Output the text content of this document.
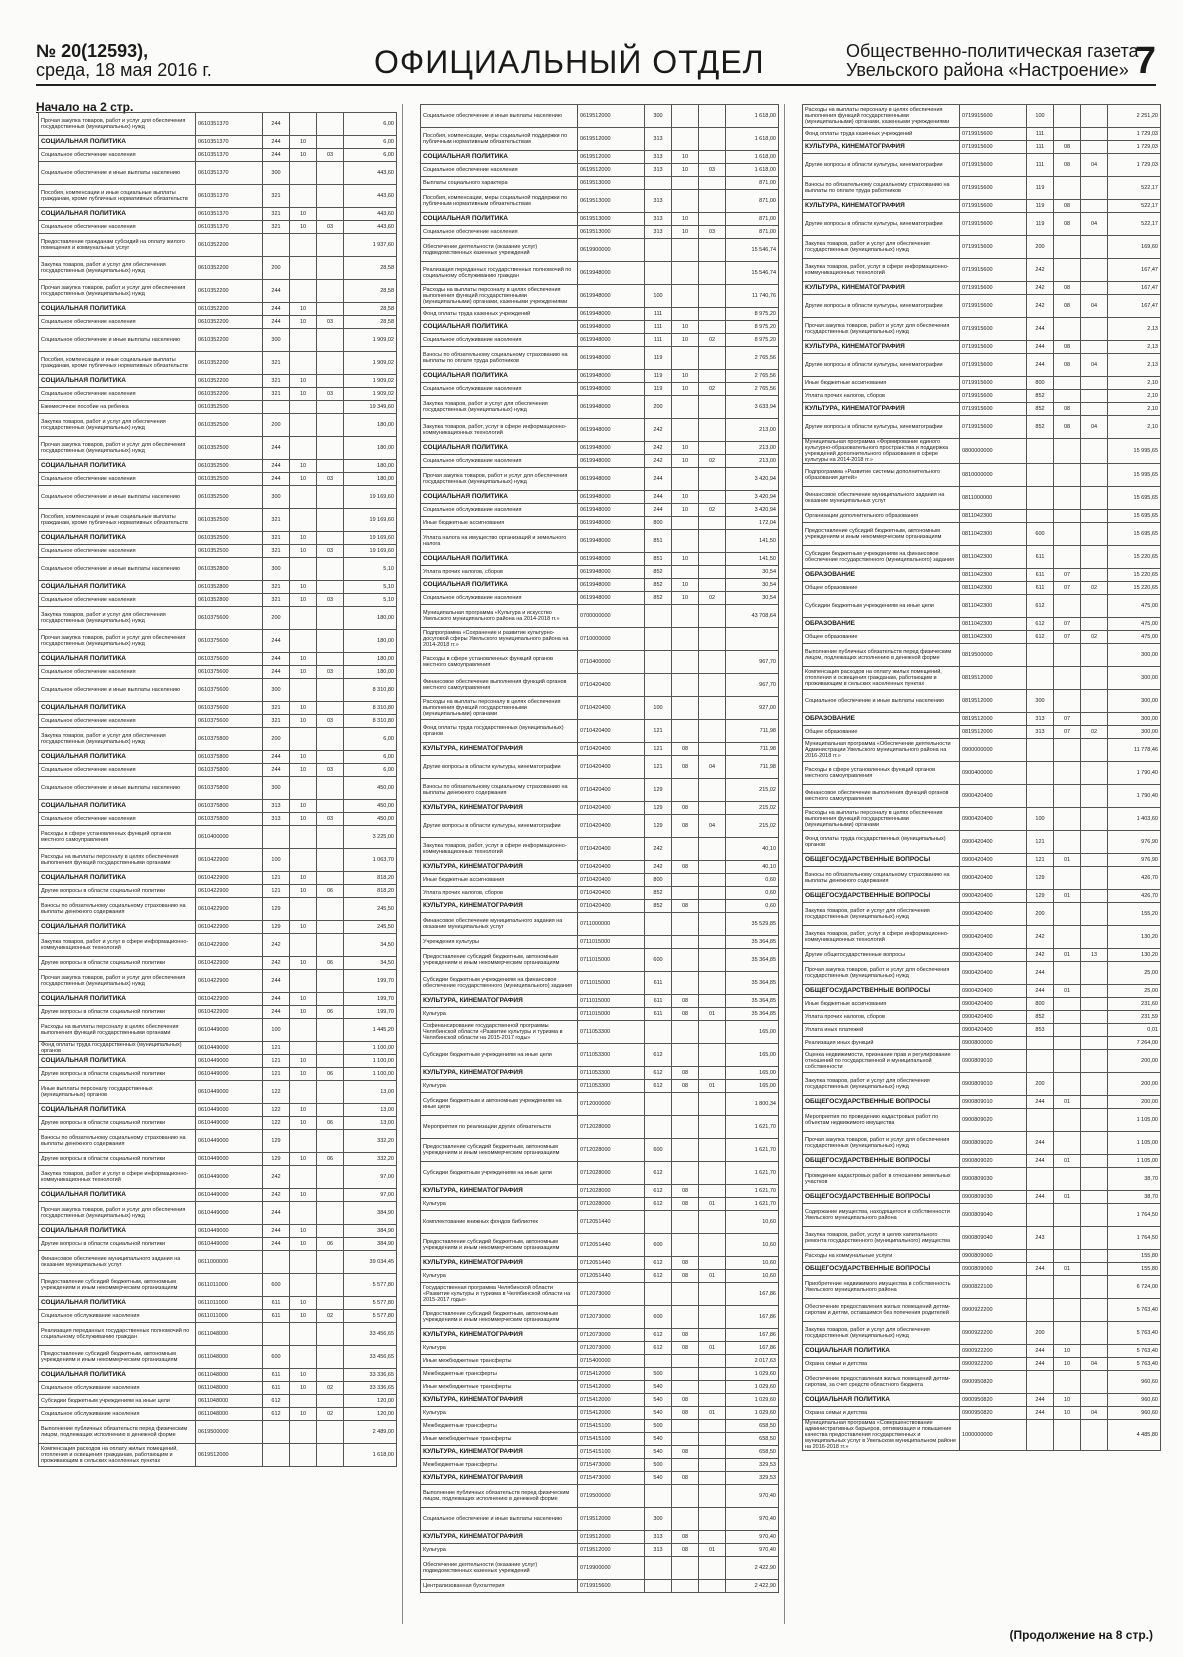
№ 20(12593),
среда, 18 мая 2016 г.	ОФИЦИАЛЬНЫЙ ОТДЕЛ	Общественно-политическая газета
Увельского района «Настроение» 7
Начало на 2 стр.
Прочая закупка товаров, работ и услуг для обеспечения государственных (муниципальных) нужд	0610351370	244			6,00
СОЦИАЛЬНАЯ ПОЛИТИКА	0610351370	244	10		6,00
Социальное обеспечение населения	0610351370	244	10	03	6,00
Социальное обеспечение и иные выплаты населению	0610351370	300			443,60
Пособия, компенсации и иные социальные выплаты гражданам, кроме публичных нормативных обязательств	0610351370	321			443,60
СОЦИАЛЬНАЯ ПОЛИТИКА	0610351370	321	10		443,60
Социальное обеспечение населения	0610351370	321	10	03	443,60
Предоставление гражданам субсидий на оплату жилого помещения и коммунальных услуг	0610352200				1 937,60
Закупка товаров, работ и услуг для обеспечения государственных (муниципальных) нужд	0610352200	200			28,58
Прочая закупка товаров, работ и услуг для обеспечения государственных (муниципальных) нужд	0610352200	244			28,58
СОЦИАЛЬНАЯ ПОЛИТИКА	0610352200	244	10		28,58
Социальное обеспечение населения	0610352200	244	10	03	28,58
Социальное обеспечение и иные выплаты населению	0610352200	300			1 909,02
Пособия, компенсации и иные социальные выплаты гражданам, кроме публичных нормативных обязательств	0610352200	321			1 909,02
СОЦИАЛЬНАЯ ПОЛИТИКА	0610352200	321	10		1 909,02
Социальное обеспечение населения	0610352200	321	10	03	1 909,02
Ежемесячное пособие на ребенка	0610352500				19 349,60
Закупка товаров, работ и услуг для обеспечения государственных (муниципальных) нужд	0610352500	200			180,00
Прочая закупка товаров, работ и услуг для обеспечения государственных (муниципальных) нужд	0610352500	244			180,00
СОЦИАЛЬНАЯ ПОЛИТИКА	0610352500	244	10		180,00
Социальное обеспечение населения	0610352500	244	10	03	180,00
Социальное обеспечение и иные выплаты населению	0610352500	300			19 169,60
Пособия, компенсации и иные социальные выплаты гражданам, кроме публичных нормативных обязательств	0610352500	321			19 169,60
СОЦИАЛЬНАЯ ПОЛИТИКА	0610352500	321	10		19 169,60
Социальное обеспечение населения	0610352500	321	10	03	19 169,60
Социальное обеспечение и иные выплаты населению	0610352800	300			5,10
СОЦИАЛЬНАЯ ПОЛИТИКА	0610352800	321	10		5,10
Социальное обеспечение населения	0610352800	321	10	03	5,10
Закупка товаров, работ и услуг для обеспечения государственных (муниципальных) нужд	0610375600	200			180,00
Прочая закупка товаров, работ и услуг для обеспечения государственных (муниципальных) нужд	0610375600	244			180,00
СОЦИАЛЬНАЯ ПОЛИТИКА	0610375600	244	10		180,00
Социальное обеспечение населения	0610375600	244	10	03	180,00
Социальное обеспечение и иные выплаты населению	0610375600	300			8 310,80
СОЦИАЛЬНАЯ ПОЛИТИКА	0610375600	321	10		8 310,80
Социальное обеспечение населения	0610375600	321	10	03	8 310,80
Закупка товаров, работ и услуг для обеспечения государственных (муниципальных) нужд	0610375800	200			6,00
СОЦИАЛЬНАЯ ПОЛИТИКА	0610375800	244	10		6,00
Социальное обеспечение населения	0610375800	244	10	03	6,00
Социальное обеспечение и иные выплаты населению	0610375800	300			450,00
СОЦИАЛЬНАЯ ПОЛИТИКА	0610375800	313	10		450,00
Социальное обеспечение населения	0610375800	313	10	03	450,00
Расходы в сфере установленных функций органов местного самоуправления	0610400000				3 225,00
Расходы на выплаты персоналу в целях обеспечения выполнения функций государственными органами	0610422900	100			1 063,70
СОЦИАЛЬНАЯ ПОЛИТИКА	0610422900	121	10		818,20
Другие вопросы в области социальной политики	0610422900	121	10	06	818,20
Взносы по обязательному социальному страхованию на выплаты денежного содержания	0610422900	129			245,50
СОЦИАЛЬНАЯ ПОЛИТИКА	0610422900	129	10		245,50
Закупка товаров, работ и услуг в сфере информационно-коммуникационных технологий	0610422900	242			34,50
Другие вопросы в области социальной политики	0610422900	242	10	06	34,50
Прочая закупка товаров, работ и услуг для обеспечения государственных (муниципальных) нужд	0610422900	244			199,70
СОЦИАЛЬНАЯ ПОЛИТИКА	0610422900	244	10		199,70
Другие вопросы в области социальной политики	0610422900	244	10	06	199,70
Расходы на выплаты персоналу в целях обеспечения выполнения функций государственными органами	0610449000	100			1 445,20
Фонд оплаты труда государственных (муниципальных) органов	0610449000	121			1 100,00
СОЦИАЛЬНАЯ ПОЛИТИКА	0610449000	121	10		1 100,00
Другие вопросы в области социальной политики	0610449000	121	10	06	1 100,00
Иные выплаты персоналу государственных (муниципальных) органов	0610449000	122			13,00
СОЦИАЛЬНАЯ ПОЛИТИКА	0610449000	122	10		13,00
Другие вопросы в области социальной политики	0610449000	122	10	06	13,00
Взносы по обязательному социальному страхованию на выплаты денежного содержания	0610449000	129			332,20
Другие вопросы в области социальной политики	0610449000	129	10	06	332,20
Закупка товаров, работ и услуг в сфере информационно-коммуникационных технологий	0610449000	242			97,00
СОЦИАЛЬНАЯ ПОЛИТИКА	0610449000	242	10		97,00
Прочая закупка товаров, работ и услуг для обеспечения государственных (муниципальных) нужд	0610449000	244			384,90
СОЦИАЛЬНАЯ ПОЛИТИКА	0610449000	244	10		384,90
Другие вопросы в области социальной политики	0610449000	244	10	06	384,90
Финансовое обеспечение муниципального задания на оказание муниципальных услуг	0611000000				39 034,45
Предоставление субсидий бюджетным, автономным учреждениям и иным некоммерческим организациям	0611011000	600			5 577,80
СОЦИАЛЬНАЯ ПОЛИТИКА	0611011000	611	10		5 577,80
Социальное обслуживание населения	0611011000	611	10	02	5 577,80
Реализация переданных государственных полномочий по социальному обслуживанию граждан	0611048000				33 456,65
Предоставление субсидий бюджетным, автономным учреждениям и иным некоммерческим организациям	0611048000	600			33 456,65
СОЦИАЛЬНАЯ ПОЛИТИКА	0611048000	611	10		33 336,65
Социальное обслуживание населения	0611048000	611	10	02	33 336,65
Субсидии бюджетным учреждениям на иные цели	0611048000	612			120,00
Социальное обслуживание населения	0611048000	612	10	02	120,00
Выполнение публичных обязательств перед физическим лицом, подлежащих исполнению в денежной форме	0619500000				2 489,00
Компенсация расходов на оплату жилых помещений, отопления и освещения гражданам, работающим и проживающим в сельских населенных пунктах	0619512000				1 618,00
Социальное обеспечение и иные выплаты населению	0619512000	300			1 618,00
Пособия, компенсации, меры социальной поддержки по публичным нормативным обязательствам	0619512000	313			1 618,00
СОЦИАЛЬНАЯ ПОЛИТИКА	0619512000	313	10		1 618,00
Социальное обеспечение населения	0619512000	313	10	03	1 618,00
Выплаты социального характера	0619513000				871,00
Пособия, компенсации, меры социальной поддержки по публичным нормативным обязательствам	0619513000	313			871,00
СОЦИАЛЬНАЯ ПОЛИТИКА	0619513000	313	10		871,00
Социальное обеспечение населения	0619513000	313	10	03	871,00
Обеспечение деятельности (оказание услуг) подведомственных казенных учреждений	0619900000				15 546,74
Реализация переданных государственных полномочий по социальному обслуживанию граждан	0619948000				15 546,74
Расходы на выплаты персоналу в целях обеспечения выполнения функций государственными (муниципальными) органами, казенными учреждениями	0619948000	100			11 740,76
Фонд оплаты труда казенных учреждений	0619948000	111			8 975,20
СОЦИАЛЬНАЯ ПОЛИТИКА	0619948000	111	10		8 975,20
Социальное обслуживание населения	0619948000	111	10	02	8 975,20
Взносы по обязательному социальному страхованию на выплаты по оплате труда работников	0619948000	119			2 765,56
СОЦИАЛЬНАЯ ПОЛИТИКА	0619948000	119	10		2 765,56
Социальное обслуживание населения	0619948000	119	10	02	2 765,56
Закупка товаров, работ и услуг для обеспечения государственных (муниципальных) нужд	0619948000	200			3 633,94
Закупка товаров, работ, услуг в сфере информационно-коммуникационных технологий	0619948000	242			213,00
СОЦИАЛЬНАЯ ПОЛИТИКА	0619948000	242	10		213,00
Социальное обслуживание населения	0619948000	242	10	02	213,00
Прочая закупка товаров, работ и услуг для обеспечения государственных (муниципальных) нужд	0619948000	244			3 420,94
СОЦИАЛЬНАЯ ПОЛИТИКА	0619948000	244	10		3 420,94
Социальное обслуживание населения	0619948000	244	10	02	3 420,94
Иные бюджетные ассигнования	0619948000	800			172,04
Уплата налога на имущество организаций и земельного налога	0619948000	851			141,50
СОЦИАЛЬНАЯ ПОЛИТИКА	0619948000	851	10		141,50
Уплата прочих налогов, сборов	0619948000	852			30,54
СОЦИАЛЬНАЯ ПОЛИТИКА	0619948000	852	10		30,54
Социальное обслуживание населения	0619948000	852	10	02	30,54
Муниципальная программа «Культура и искусство Увельского муниципального района на 2014-2018 гг.»	0700000000				43 708,64
Подпрограмма «Сохранение и развитие культурно-досуговой сферы Увельского муниципального района на 2014-2018 гг.»	0710000000				
Расходы в сфере установленных функций органов местного самоуправления	0710400000				967,70
Финансовое обеспечение выполнения функций органов местного самоуправления	0710420400				967,70
Расходы на выплаты персоналу в целях обеспечения выполнения функций государственными (муниципальными) органами	0710420400	100			927,00
Фонд оплаты труда государственных (муниципальных) органов	0710420400	121			711,98
КУЛЬТУРА, КИНЕМАТОГРАФИЯ	0710420400	121	08		711,98
Другие вопросы в области культуры, кинематографии	0710420400	121	08	04	711,98
Взносы по обязательному социальному страхованию на выплаты денежного содержания	0710420400	129			215,02
КУЛЬТУРА, КИНЕМАТОГРАФИЯ	0710420400	129	08		215,02
Другие вопросы в области культуры, кинематографии	0710420400	129	08	04	215,02
Закупка товаров, работ, услуг в сфере информационно-коммуникационных технологий	0710420400	242			40,10
КУЛЬТУРА, КИНЕМАТОГРАФИЯ	0710420400	242	08		40,10
Иные бюджетные ассигнования	0710420400	800			0,60
Уплата прочих налогов, сборов	0710420400	852			0,60
КУЛЬТУРА, КИНЕМАТОГРАФИЯ	0710420400	852	08		0,60
Финансовое обеспечение муниципального задания на оказание муниципальных услуг	0711000000				35 529,85
Учреждения культуры	0711015000				35 364,85
Предоставление субсидий бюджетным, автономным учреждениям и иным некоммерческим организациям	0711015000	600			35 364,85
Субсидии бюджетным учреждениям на финансовое обеспечение государственного (муниципального) задания	0711015000	611			35 364,85
КУЛЬТУРА, КИНЕМАТОГРАФИЯ	0711015000	611	08		35 364,85
Культура	0711015000	611	08	01	35 364,85
Софинансирование государственной программы Челябинской области «Развитие культуры и туризма в Челябинской области на 2015-2017 годы»	0711053300				165,00
Субсидии бюджетным учреждениям на иные цели	0711053300	612			165,00
КУЛЬТУРА, КИНЕМАТОГРАФИЯ	0711053300	612	08		165,00
Культура	0711053300	612	08	01	165,00
Субсидии бюджетным и автономным учреждениям на иные цели	0712000000				1 800,34
Мероприятия по реализации других обязательств	0712028000				1 621,70
Предоставление субсидий бюджетным, автономным учреждениям и иным некоммерческим организациям	0712028000	600			1 621,70
Субсидии бюджетным учреждениям на иные цели	0712028000	612			1 621,70
КУЛЬТУРА, КИНЕМАТОГРАФИЯ	0712028000	612	08		1 621,70
Культура	0712028000	612	08	01	1 621,70
Комплектование книжных фондов библиотек	0712051440				10,60
Предоставление субсидий бюджетным, автономным учреждениям и иным некоммерческим организациям	0712051440	600			10,60
КУЛЬТУРА, КИНЕМАТОГРАФИЯ	0712051440	612	08		10,60
Культура	0712051440	612	08	01	10,60
Государственная программа Челябинской области «Развитие культуры и туризма в Челябинской области на 2015-2017 годы»	0712073000				167,86
Предоставление субсидий бюджетным, автономным учреждениям и иным некоммерческим организациям	0712073000	600			167,86
КУЛЬТУРА, КИНЕМАТОГРАФИЯ	0712073000	612	08		167,86
Культура	0712073000	612	08	01	167,86
Иные межбюджетные трансферты	0715400000				2 017,63
Межбюджетные трансферты	0715412000	500			1 029,60
Иные межбюджетные трансферты	0715412000	540			1 029,60
КУЛЬТУРА, КИНЕМАТОГРАФИЯ	0715412000	540	08		1 029,60
Культура	0715412000	540	08	01	1 029,60
Межбюджетные трансферты	0715415100	500			658,50
Иные межбюджетные трансферты	0715415100	540			658,50
КУЛЬТУРА, КИНЕМАТОГРАФИЯ	0715415100	540	08		658,50
Межбюджетные трансферты	0715473000	500			329,53
КУЛЬТУРА, КИНЕМАТОГРАФИЯ	0715473000	540	08		329,53
Выполнение публичных обязательств перед физическим лицом, подлежащих исполнению в денежной форме	0719500000				970,40
Социальное обеспечение и иные выплаты населению	0719512000	300			970,40
КУЛЬТУРА, КИНЕМАТОГРАФИЯ	0719512000	313	08		970,40
Культура	0719512000	313	08	01	970,40
Обеспечение деятельности (оказание услуг) подведомственных казенных учреждений	0719900000				2 422,90
Централизованная бухгалтерия	0719915600				2 422,90
Расходы на выплаты персоналу в целях обеспечения выполнения функций государственными (муниципальными) органами, казенными учреждениями	0719915600	100			2 251,20
Фонд оплаты труда казенных учреждений	0719915600	111			1 729,03
КУЛЬТУРА, КИНЕМАТОГРАФИЯ	0719915600	111	08		1 729,03
Другие вопросы в области культуры, кинематографии	0719915600	111	08	04	1 729,03
Взносы по обязательному социальному страхованию на выплаты по оплате труда работников	0719915600	119			522,17
КУЛЬТУРА, КИНЕМАТОГРАФИЯ	0719915600	119	08		522,17
Другие вопросы в области культуры, кинематографии	0719915600	119	08	04	522,17
Закупка товаров, работ и услуг для обеспечения государственных (муниципальных) нужд	0719915600	200			169,60
Закупка товаров, работ, услуг в сфере информационно-коммуникационных технологий	0719915600	242			167,47
КУЛЬТУРА, КИНЕМАТОГРАФИЯ	0719915600	242	08		167,47
Другие вопросы в области культуры, кинематографии	0719915600	242	08	04	167,47
Прочая закупка товаров, работ и услуг для обеспечения государственных (муниципальных) нужд	0719915600	244			2,13
КУЛЬТУРА, КИНЕМАТОГРАФИЯ	0719915600	244	08		2,13
Другие вопросы в области культуры, кинематографии	0719915600	244	08	04	2,13
Иные бюджетные ассигнования	0719915600	800			2,10
Уплата прочих налогов, сборов	0719915600	852			2,10
КУЛЬТУРА, КИНЕМАТОГРАФИЯ	0719915600	852	08		2,10
Другие вопросы в области культуры, кинематографии	0719915600	852	08	04	2,10
Муниципальная программа «Формирование единого культурно-образовательного пространства и поддержка учреждений дополнительного образования в сфере культуры на 2014-2018 гг.»	0800000000				15 995,65
Подпрограмма «Развитие системы дополнительного образования детей»	0810000000				15 995,65
Финансовое обеспечение муниципального задания на оказание муниципальных услуг	0811000000				15 695,65
Организации дополнительного образования	0811042300				15 695,65
Предоставление субсидий бюджетным, автономным учреждениям и иным некоммерческим организациям	0811042300	600			15 695,65
Субсидии бюджетным учреждениям на финансовое обеспечение государственного (муниципального) задания	0811042300	611			15 220,65
ОБРАЗОВАНИЕ	0811042300	611	07		15 220,65
Общее образование	0811042300	611	07	02	15 220,65
Субсидии бюджетным учреждениям на иные цели	0811042300	612			475,00
ОБРАЗОВАНИЕ	0811042300	612	07		475,00
Общее образование	0811042300	612	07	02	475,00
Выполнение публичных обязательств перед физическим лицом, подлежащих исполнению в денежной форме	0819500000				300,00
Компенсация расходов на оплату жилых помещений, отопления и освещения гражданам, работающим и проживающим в сельских населенных пунктах	0819512000				300,00
Социальное обеспечение и иные выплаты населению	0819512000	300			300,00
ОБРАЗОВАНИЕ	0819512000	313	07		300,00
Общее образование	0819512000	313	07	02	300,00
Муниципальная программа «Обеспечение деятельности Администрации Увельского муниципального района на 2016-2018 гг.»	0900000000				11 778,46
Расходы в сфере установленных функций органов местного самоуправления	0900400000				1 790,40
Финансовое обеспечение выполнения функций органов местного самоуправления	0900420400				1 790,40
Расходы на выплаты персоналу в целях обеспечения выполнения функций государственными (муниципальными) органами	0900420400	100			1 403,60
Фонд оплаты труда государственных (муниципальных) органов	0900420400	121			976,90
ОБЩЕГОСУДАРСТВЕННЫЕ ВОПРОСЫ	0900420400	121	01		976,90
Взносы по обязательному социальному страхованию на выплаты денежного содержания	0900420400	129			426,70
ОБЩЕГОСУДАРСТВЕННЫЕ ВОПРОСЫ	0900420400	129	01		426,70
Закупка товаров, работ и услуг для обеспечения государственных (муниципальных) нужд	0900420400	200			155,20
Закупка товаров, работ, услуг в сфере информационно-коммуникационных технологий	0900420400	242			130,20
Другие общегосударственные вопросы	0900420400	242	01	13	130,20
Прочая закупка товаров, работ и услуг для обеспечения государственных (муниципальных) нужд	0900420400	244			25,00
ОБЩЕГОСУДАРСТВЕННЫЕ ВОПРОСЫ	0900420400	244	01		25,00
Иные бюджетные ассигнования	0900420400	800			231,60
Уплата прочих налогов, сборов	0900420400	852			231,59
Уплата иных платежей	0900420400	853			0,01
Реализация иных функций	0900800000				7 264,00
Оценка недвижимости, признание прав и регулирование отношений по государственной и муниципальной собственности	0900809010				200,00
Закупка товаров, работ и услуг для обеспечения государственных (муниципальных) нужд	0900809010	200			200,00
ОБЩЕГОСУДАРСТВЕННЫЕ ВОПРОСЫ	0900809010	244	01		200,00
Мероприятия по проведению кадастровых работ по объектам недвижимого имущества	0900809020				1 105,00
Прочая закупка товаров, работ и услуг для обеспечения государственных (муниципальных) нужд	0900809020	244			1 105,00
ОБЩЕГОСУДАРСТВЕННЫЕ ВОПРОСЫ	0900809020	244	01		1 105,00
Проведение кадастровых работ в отношении земельных участков	0900809030				38,70
ОБЩЕГОСУДАРСТВЕННЫЕ ВОПРОСЫ	0900809030	244	01		38,70
Содержание имущества, находящегося в собственности Увельского муниципального района	0900809040				1 764,50
Закупка товаров, работ, услуг в целях капитального ремонта государственного (муниципального) имущества	0900809040	243			1 764,50
Расходы на коммунальные услуги	0900809060				155,80
ОБЩЕГОСУДАРСТВЕННЫЕ ВОПРОСЫ	0900809060	244	01		155,80
Приобретение недвижимого имущества в собственность Увельского муниципального района	0900822100				6 724,00
Обеспечение предоставления жилых помещений детям-сиротам и детям, оставшимся без попечения родителей	0900922200				5 763,40
Закупка товаров, работ и услуг для обеспечения государственных (муниципальных) нужд	0900922200	200			5 763,40
СОЦИАЛЬНАЯ ПОЛИТИКА	0900922200	244	10		5 763,40
Охрана семьи и детства	0900922200	244	10	04	5 763,40
Обеспечение предоставления жилых помещений детям-сиротам, за счет средств областного бюджета	0900950820				960,60
СОЦИАЛЬНАЯ ПОЛИТИКА	0900950820	244	10		960,60
Охрана семьи и детства	0900950820	244	10	04	960,60
Муниципальная программа «Совершенствование административных барьеров, оптимизация и повышение качества предоставления государственных и муниципальных услуг в Увельском муниципальном районе на 2016-2018 гг.»	1000000000				4 485,80
(Продолжение на 8 стр.)
